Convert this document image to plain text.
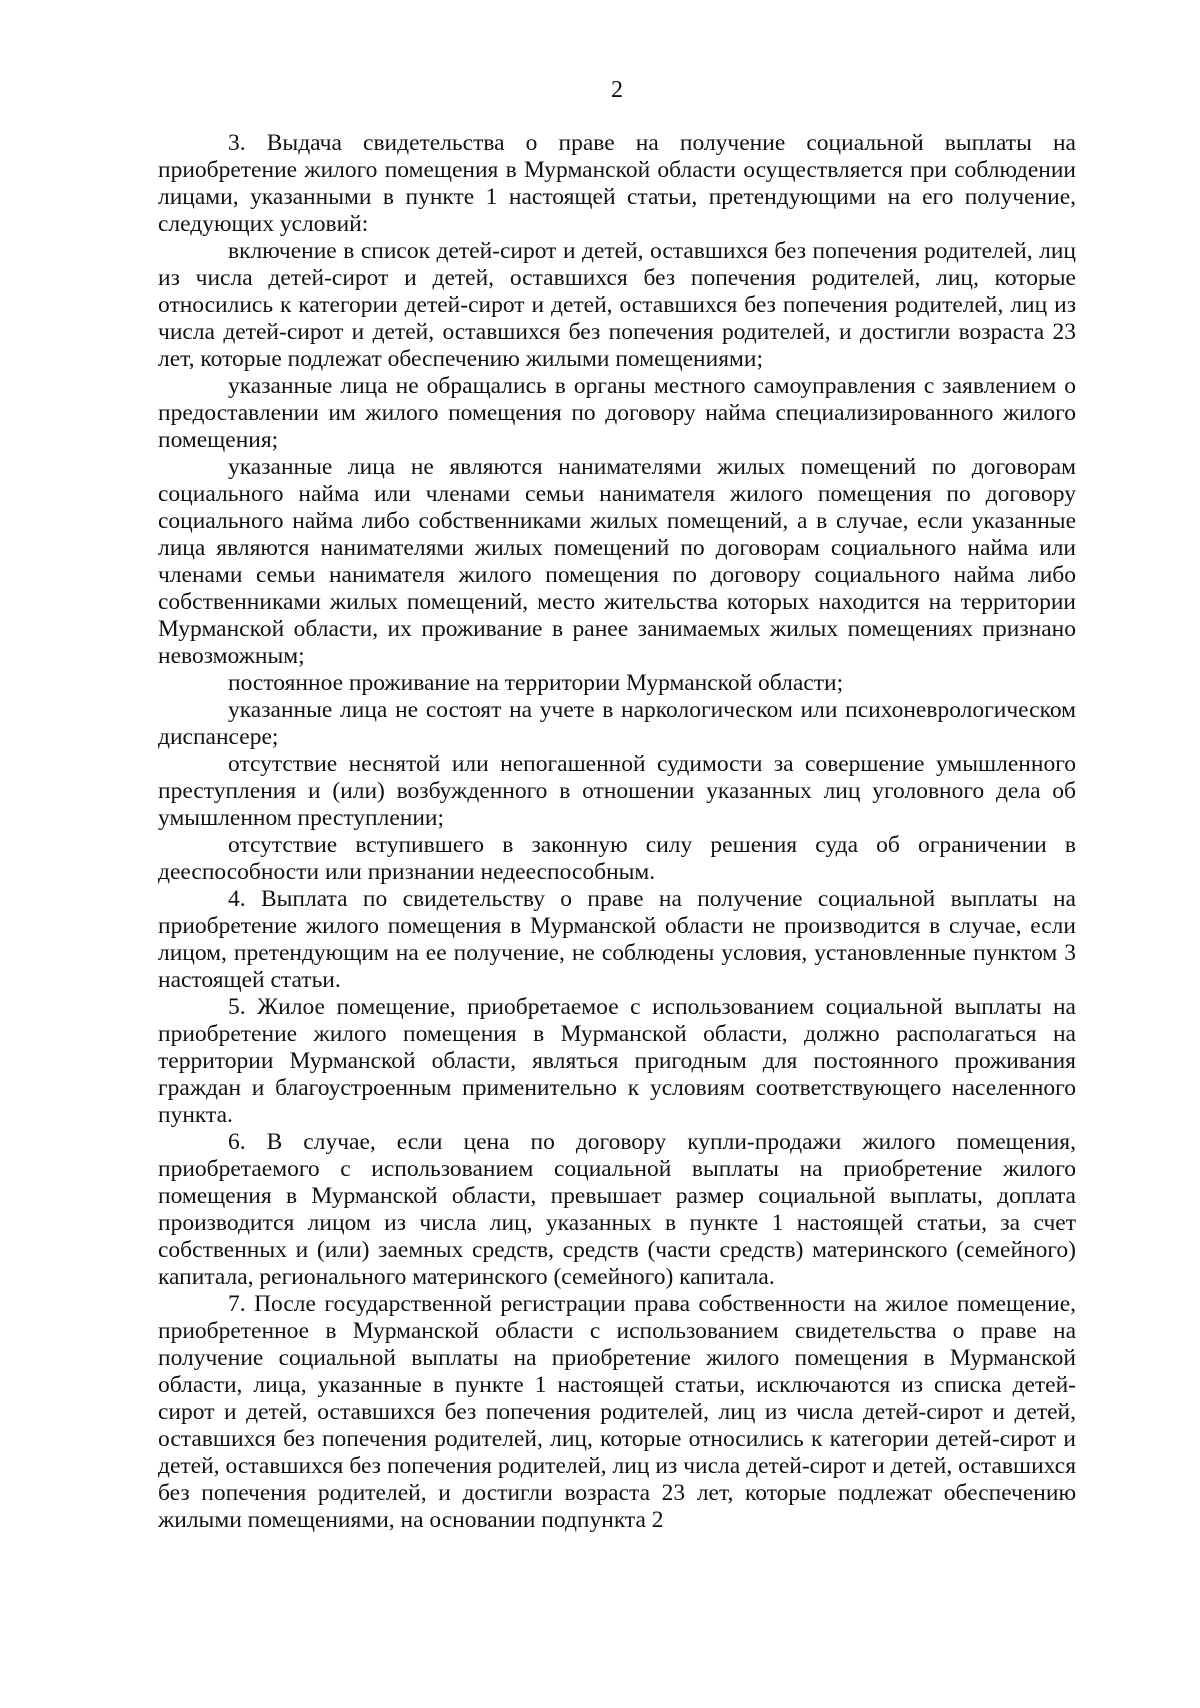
2

3. Выдача свидетельства о праве на получение социальной выплаты на приобретение жилого помещения в Мурманской области осуществляется при соблюдении лицами, указанными в пункте 1 настоящей статьи, претендующими на его получение, следующих условий:

включение в список детей-сирот и детей, оставшихся без попечения родителей, лиц из числа детей-сирот и детей, оставшихся без попечения родителей, лиц, которые относились к категории детей-сирот и детей, оставшихся без попечения родителей, лиц из числа детей-сирот и детей, оставшихся без попечения родителей, и достигли возраста 23 лет, которые подлежат обеспечению жилыми помещениями;

указанные лица не обращались в органы местного самоуправления с заявлением о предоставлении им жилого помещения по договору найма специализированного жилого помещения;

указанные лица не являются нанимателями жилых помещений по договорам социального найма или членами семьи нанимателя жилого помещения по договору социального найма либо собственниками жилых помещений, а в случае, если указанные лица являются нанимателями жилых помещений по договорам социального найма или членами семьи нанимателя жилого помещения по договору социального найма либо собственниками жилых помещений, место жительства которых находится на территории Мурманской области, их проживание в ранее занимаемых жилых помещениях признано невозможным;

постоянное проживание на территории Мурманской области;

указанные лица не состоят на учете в наркологическом или психоневрологическом диспансере;

отсутствие неснятой или непогашенной судимости за совершение умышленного преступления и (или) возбужденного в отношении указанных лиц уголовного дела об умышленном преступлении;

отсутствие вступившего в законную силу решения суда об ограничении в дееспособности или признании недееспособным.

4. Выплата по свидетельству о праве на получение социальной выплаты на приобретение жилого помещения в Мурманской области не производится в случае, если лицом, претендующим на ее получение, не соблюдены условия, установленные пунктом 3 настоящей статьи.

5. Жилое помещение, приобретаемое с использованием социальной выплаты на приобретение жилого помещения в Мурманской области, должно располагаться на территории Мурманской области, являться пригодным для постоянного проживания граждан и благоустроенным применительно к условиям соответствующего населенного пункта.

6. В случае, если цена по договору купли-продажи жилого помещения, приобретаемого с использованием социальной выплаты на приобретение жилого помещения в Мурманской области, превышает размер социальной выплаты, доплата производится лицом из числа лиц, указанных в пункте 1 настоящей статьи, за счет собственных и (или) заемных средств, средств (части средств) материнского (семейного) капитала, регионального материнского (семейного) капитала.

7. После государственной регистрации права собственности на жилое помещение, приобретенное в Мурманской области с использованием свидетельства о праве на получение социальной выплаты на приобретение жилого помещения в Мурманской области, лица, указанные в пункте 1 настоящей статьи, исключаются из списка детей-сирот и детей, оставшихся без попечения родителей, лиц из числа детей-сирот и детей, оставшихся без попечения родителей, лиц, которые относились к категории детей-сирот и детей, оставшихся без попечения родителей, лиц из числа детей-сирот и детей, оставшихся без попечения родителей, и достигли возраста 23 лет, которые подлежат обеспечению жилыми помещениями, на основании подпункта 2
